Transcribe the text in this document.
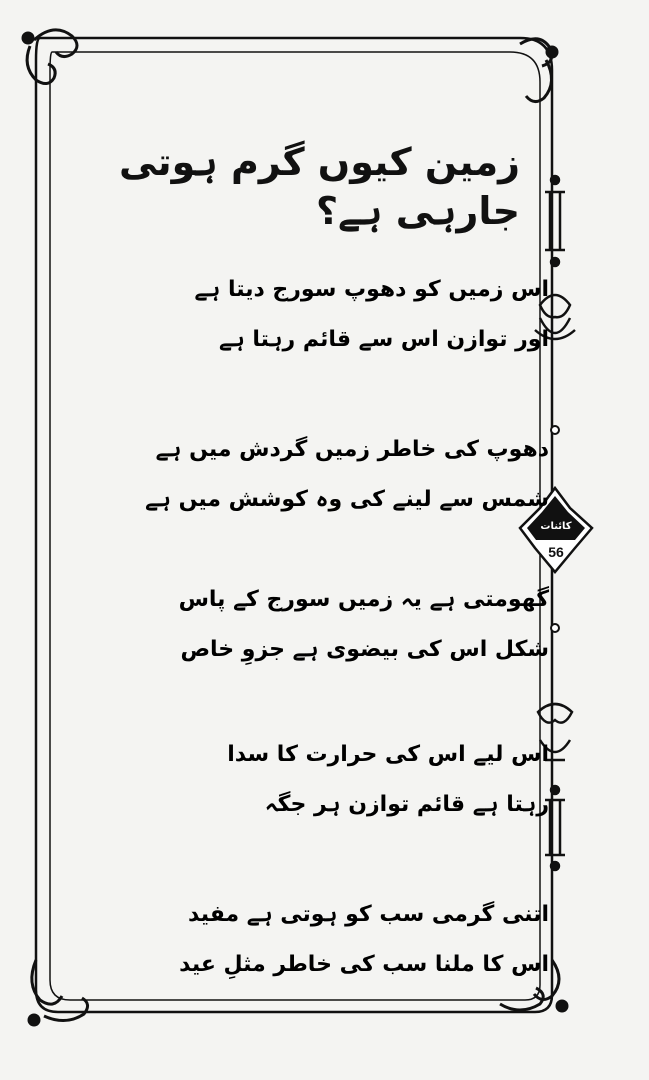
کائنات
56
زمین کیوں گرم ہوتی جارہی ہے؟
اس زمیں کو دھوپ سورج دیتا ہے
اور توازن اس سے قائم رہتا ہے
دھوپ کی خاطر زمیں گردش میں ہے
شمس سے لینے کی وہ کوشش میں ہے
گھومتی ہے یہ زمیں سورج کے پاس
شکل اس کی بیضوی ہے جزوِ خاص
اس لیے اس کی حرارت کا سدا
رہتا ہے قائم توازن ہر جگہ
اتنی گرمی سب کو ہوتی ہے مفید
اس کا ملنا سب کی خاطر مثلِ عید
